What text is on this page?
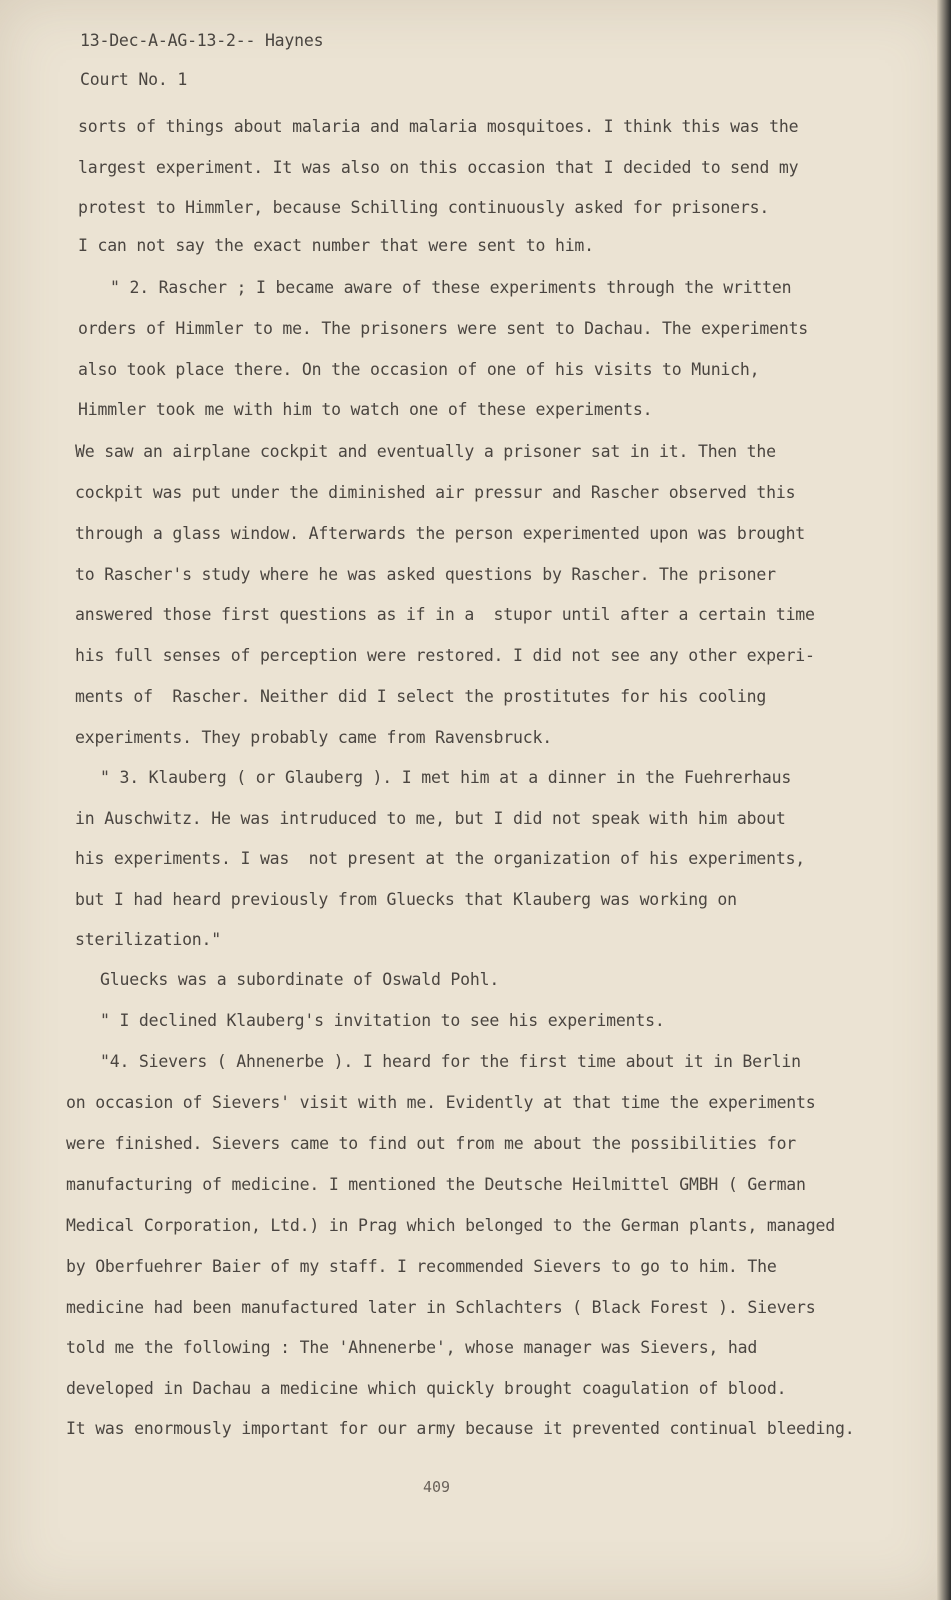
13-Dec-A-AG-13-2-- Haynes
Court No. 1
sorts of things about malaria and malaria mosquitoes. I think this was the
largest experiment. It was also on this occasion that I decided to send my
protest to Himmler, because Schilling continuously asked for prisoners.
I can not say the exact number that were sent to him.
" 2. Rascher ; I became aware of these experiments through the written
orders of Himmler to me. The prisoners were sent to Dachau. The experiments
also took place there. On the occasion of one of his visits to Munich,
Himmler took me with him to watch one of these experiments.
We saw an airplane cockpit and eventually a prisoner sat in it. Then the
cockpit was put under the diminished air pressur and Rascher observed this
through a glass window. Afterwards the person experimented upon was brought
to Rascher's study where he was asked questions by Rascher. The prisoner
answered those first questions as if in a  stupor until after a certain time
his full senses of perception were restored. I did not see any other experi-
ments of  Rascher. Neither did I select the prostitutes for his cooling
experiments. They probably came from Ravensbruck.
" 3. Klauberg ( or Glauberg ). I met him at a dinner in the Fuehrerhaus
in Auschwitz. He was intruduced to me, but I did not speak with him about
his experiments. I was  not present at the organization of his experiments,
but I had heard previously from Gluecks that Klauberg was working on
sterilization."
Gluecks was a subordinate of Oswald Pohl.
" I declined Klauberg's invitation to see his experiments.
"4. Sievers ( Ahnenerbe ). I heard for the first time about it in Berlin
on occasion of Sievers' visit with me. Evidently at that time the experiments
were finished. Sievers came to find out from me about the possibilities for
manufacturing of medicine. I mentioned the Deutsche Heilmittel GMBH ( German
Medical Corporation, Ltd.) in Prag which belonged to the German plants, managed
by Oberfuehrer Baier of my staff. I recommended Sievers to go to him. The
medicine had been manufactured later in Schlachters ( Black Forest ). Sievers
told me the following : The 'Ahnenerbe', whose manager was Sievers, had
developed in Dachau a medicine which quickly brought coagulation of blood.
It was enormously important for our army because it prevented continual bleeding.
409
